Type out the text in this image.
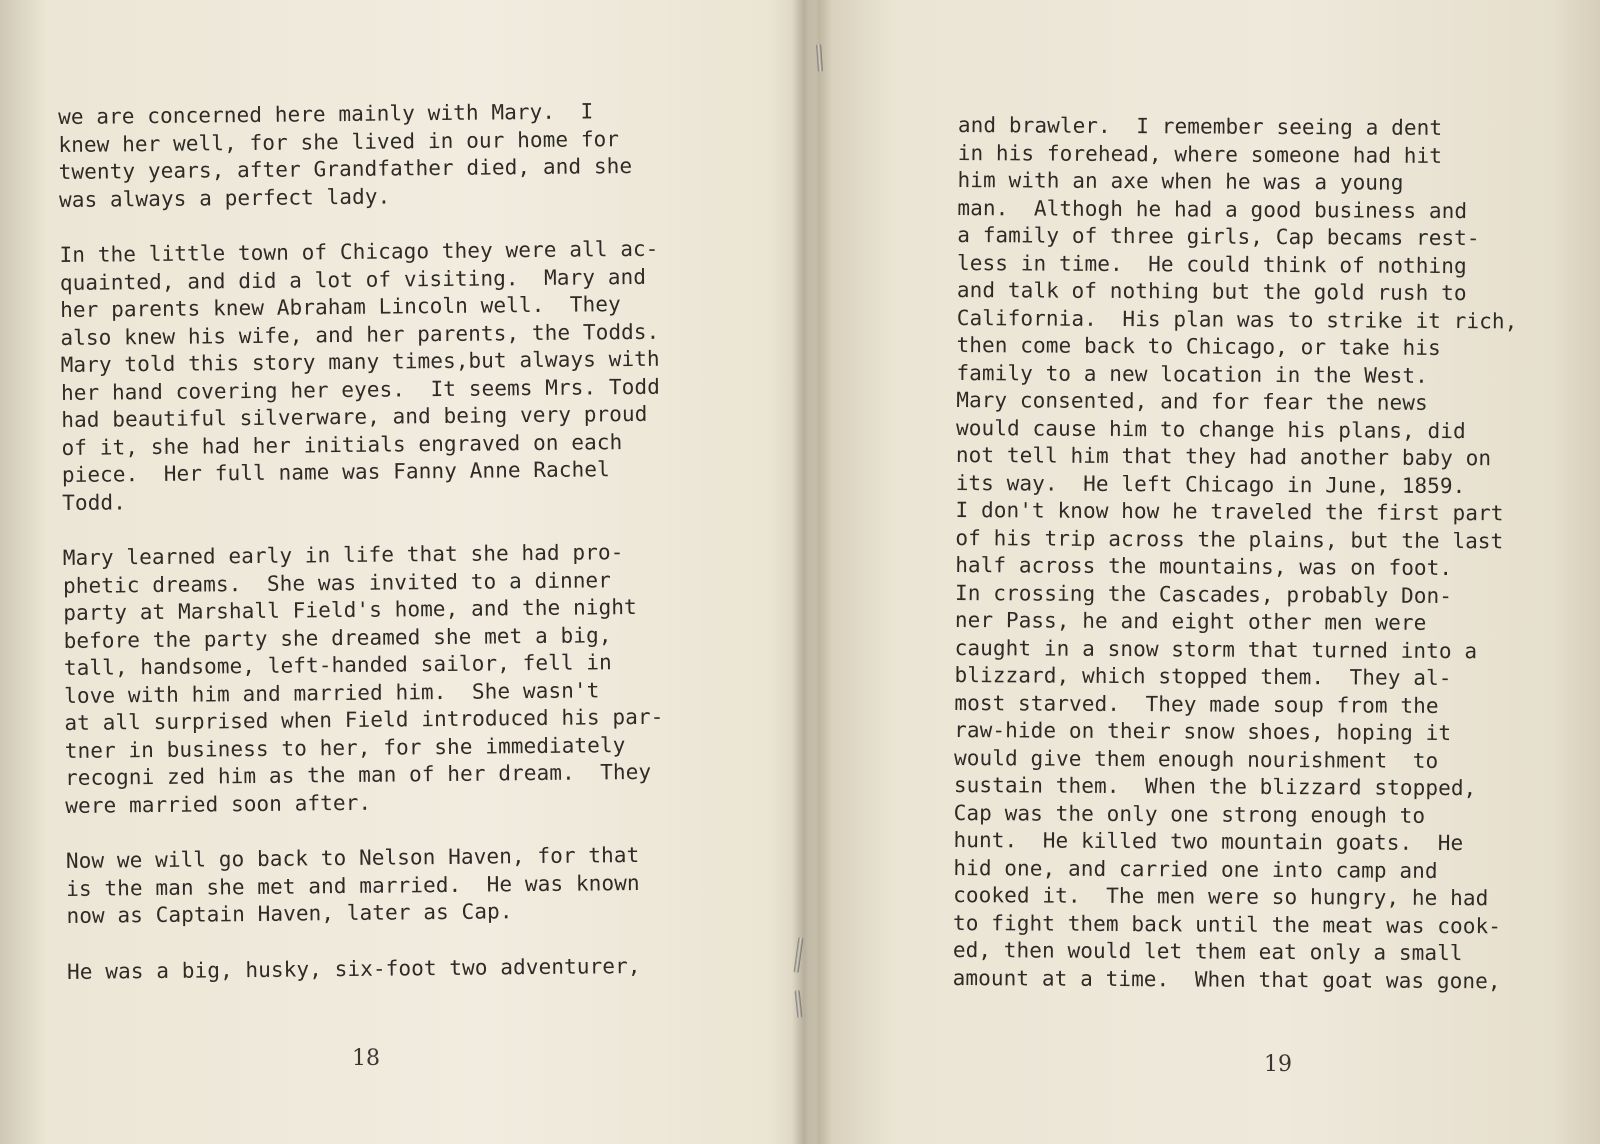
we are concerned here mainly with Mary.  I
knew her well, for she lived in our home for
twenty years, after Grandfather died, and she
was always a perfect lady.
In the little town of Chicago they were all ac-
quainted, and did a lot of visiting.  Mary and
her parents knew Abraham Lincoln well.  They
also knew his wife, and her parents, the Todds.
Mary told this story many times,but always with
her hand covering her eyes.  It seems Mrs. Todd
had beautiful silverware, and being very proud
of it, she had her initials engraved on each
piece.  Her full name was Fanny Anne Rachel
Todd.
Mary learned early in life that she had pro-
phetic dreams.  She was invited to a dinner
party at Marshall Field's home, and the night
before the party she dreamed she met a big,
tall, handsome, left-handed sailor, fell in
love with him and married him.  She wasn't
at all surprised when Field introduced his par-
tner in business to her, for she immediately
recogni zed him as the man of her dream.  They
were married soon after.
Now we will go back to Nelson Haven, for that
is the man she met and married.  He was known
now as Captain Haven, later as Cap.
He was a big, husky, six-foot two adventurer,
18
and brawler.  I remember seeing a dent
in his forehead, where someone had hit
him with an axe when he was a young
man.  Althogh he had a good business and
a family of three girls, Cap becams rest-
less in time.  He could think of nothing
and talk of nothing but the gold rush to
California.  His plan was to strike it rich,
then come back to Chicago, or take his
family to a new location in the West.
Mary consented, and for fear the news
would cause him to change his plans, did
not tell him that they had another baby on
its way.  He left Chicago in June, 1859.
I don't know how he traveled the first part
of his trip across the plains, but the last
half across the mountains, was on foot.
In crossing the Cascades, probably Don-
ner Pass, he and eight other men were
caught in a snow storm that turned into a
blizzard, which stopped them.  They al-
most starved.  They made soup from the
raw-hide on their snow shoes, hoping it
would give them enough nourishment  to
sustain them.  When the blizzard stopped,
Cap was the only one strong enough to
hunt.  He killed two mountain goats.  He
hid one, and carried one into camp and
cooked it.  The men were so hungry, he had
to fight them back until the meat was cook-
ed, then would let them eat only a small
amount at a time.  When that goat was gone,
19
